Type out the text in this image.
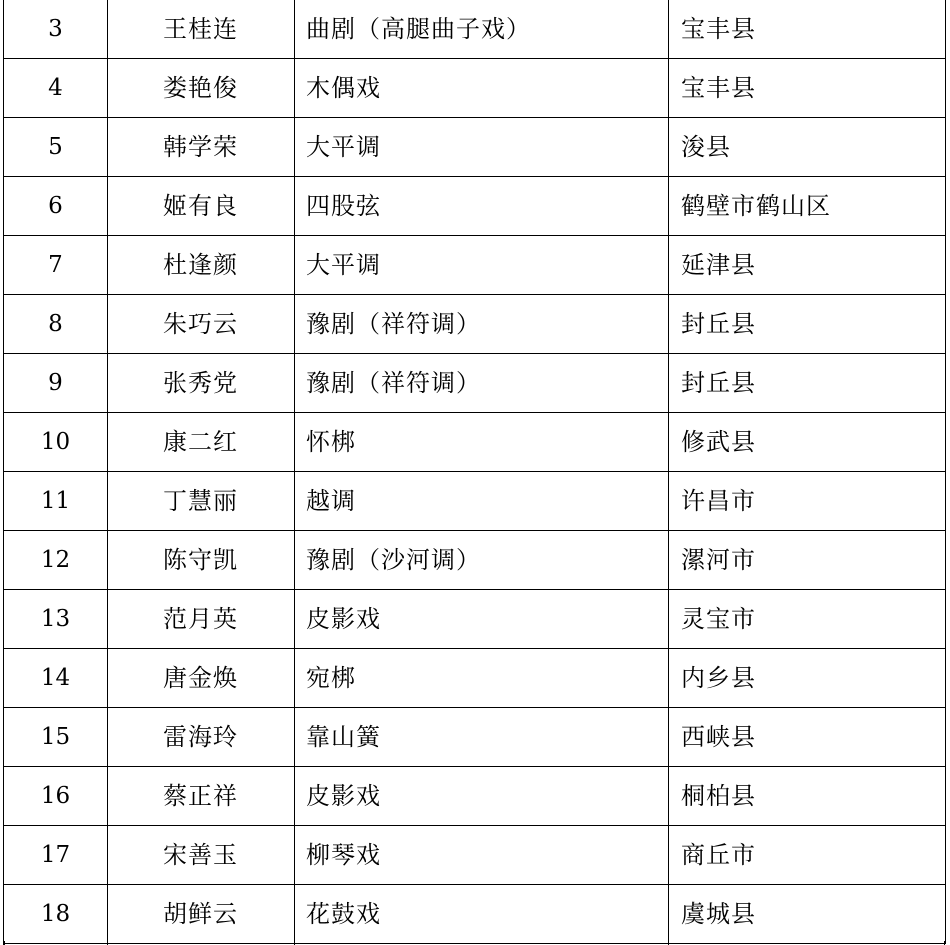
3	王桂连	曲剧（高腿曲子戏）	宝丰县
4	娄艳俊	木偶戏	宝丰县
5	韩学荣	大平调	浚县
6	姬有良	四股弦	鹤壁市鹤山区
7	杜逢颜	大平调	延津县
8	朱巧云	豫剧（祥符调）	封丘县
9	张秀党	豫剧（祥符调）	封丘县
10	康二红	怀梆	修武县
11	丁慧丽	越调	许昌市
12	陈守凯	豫剧（沙河调）	漯河市
13	范月英	皮影戏	灵宝市
14	唐金焕	宛梆	内乡县
15	雷海玲	靠山簧	西峡县
16	蔡正祥	皮影戏	桐柏县
17	宋善玉	柳琴戏	商丘市
18	胡鲜云	花鼓戏	虞城县
